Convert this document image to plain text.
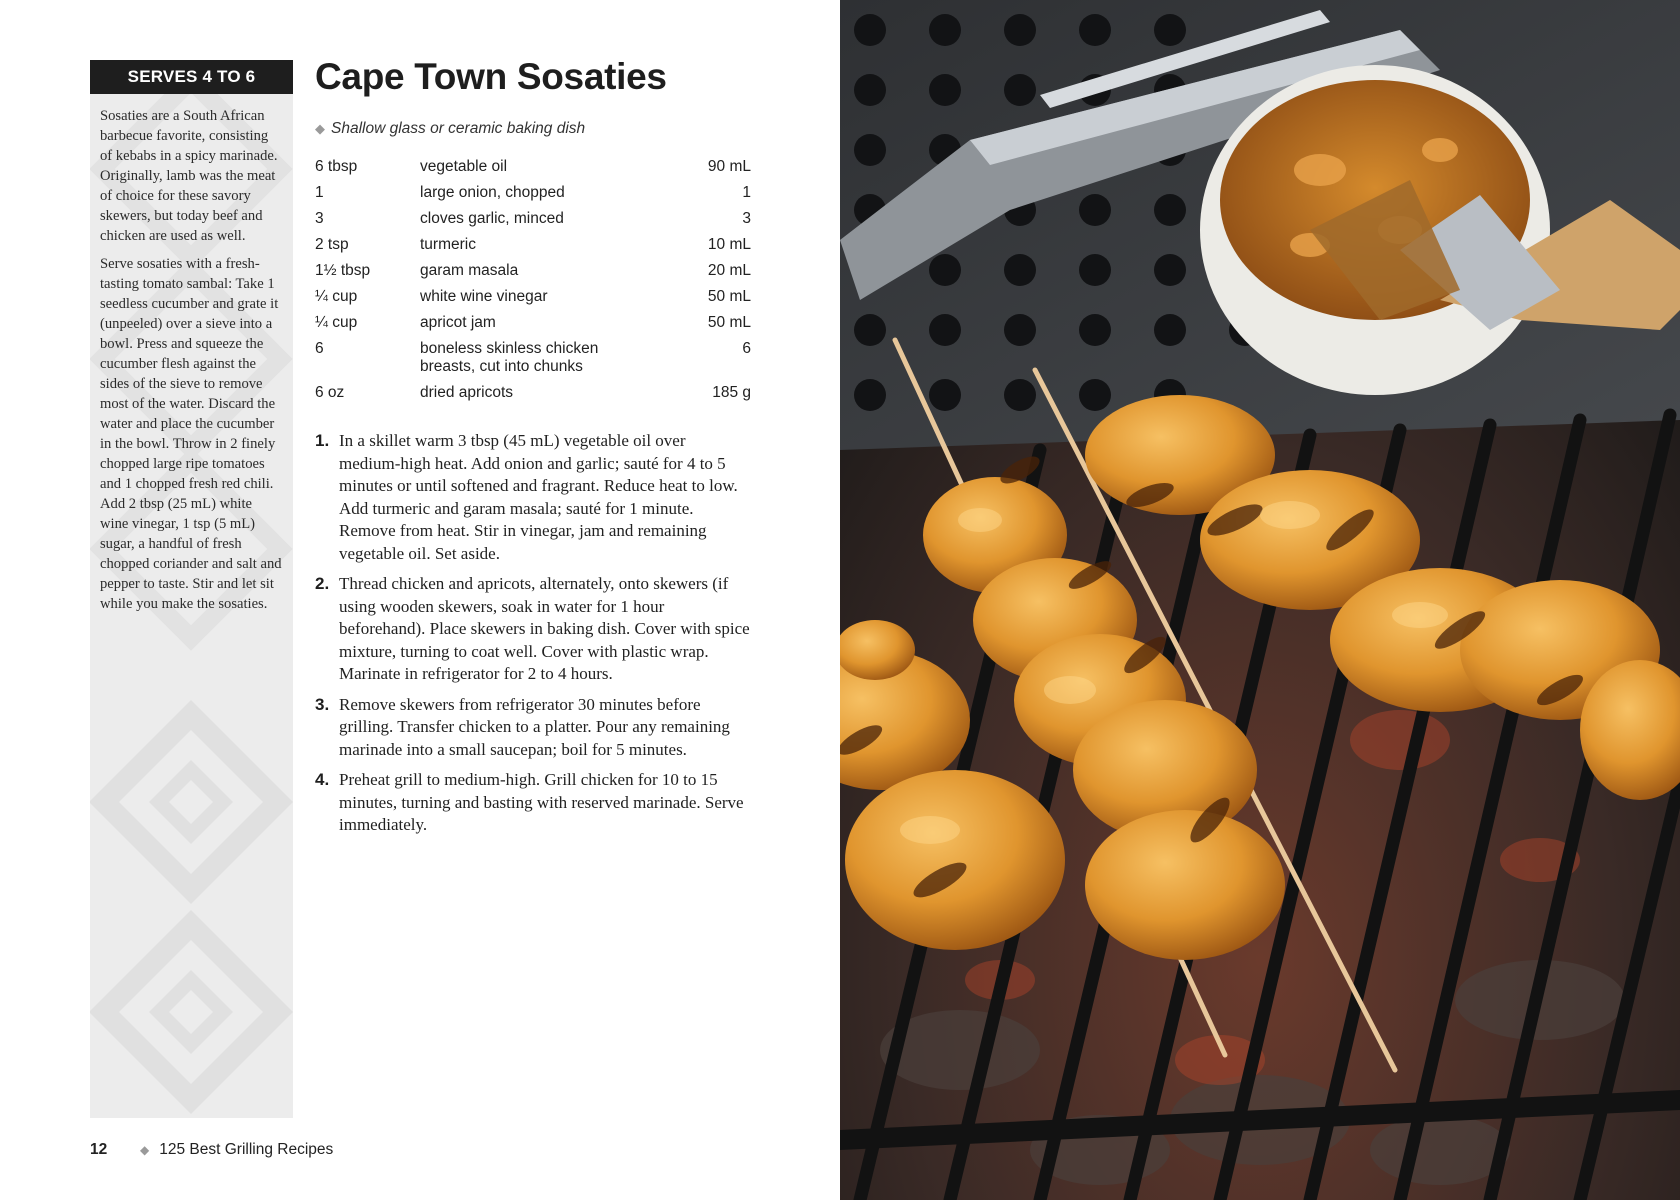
SERVES 4 TO 6

Sosaties are a South African barbecue favorite, consisting of kebabs in a spicy marinade. Originally, lamb was the meat of choice for these savory skewers, but today beef and chicken are used as well.

Serve sosaties with a fresh-tasting tomato sambal: Take 1 seedless cucumber and grate it (unpeeled) over a sieve into a bowl. Press and squeeze the cucumber flesh against the sides of the sieve to remove most of the water. Discard the water and place the cucumber in the bowl. Throw in 2 finely chopped large ripe tomatoes and 1 chopped fresh red chili. Add 2 tbsp (25 mL) white wine vinegar, 1 tsp (5 mL) sugar, a handful of fresh chopped coriander and salt and pepper to taste. Stir and let sit while you make the sosaties.

Cape Town Sosaties
◆ Shallow glass or ceramic baking dish
6 tbsp	vegetable oil	90 mL
1	large onion, chopped	1
3	cloves garlic, minced	3
2 tsp	turmeric	10 mL
1½ tbsp	garam masala	20 mL
¼ cup	white wine vinegar	50 mL
¼ cup	apricot jam	50 mL
6	boneless skinless chicken breasts, cut into chunks	6
6 oz	dried apricots	185 g
1. In a skillet warm 3 tbsp (45 mL) vegetable oil over medium-high heat. Add onion and garlic; sauté for 4 to 5 minutes or until softened and fragrant. Reduce heat to low. Add turmeric and garam masala; sauté for 1 minute. Remove from heat. Stir in vinegar, jam and remaining vegetable oil. Set aside.
2. Thread chicken and apricots, alternately, onto skewers (if using wooden skewers, soak in water for 1 hour beforehand). Place skewers in baking dish. Cover with spice mixture, turning to coat well. Cover with plastic wrap. Marinate in refrigerator for 2 to 4 hours.
3. Remove skewers from refrigerator 30 minutes before grilling. Transfer chicken to a platter. Pour any remaining marinade into a small saucepan; boil for 5 minutes.
4. Preheat grill to medium-high. Grill chicken for 10 to 15 minutes, turning and basting with reserved marinade. Serve immediately.
12	◆ 125 Best Grilling Recipes
